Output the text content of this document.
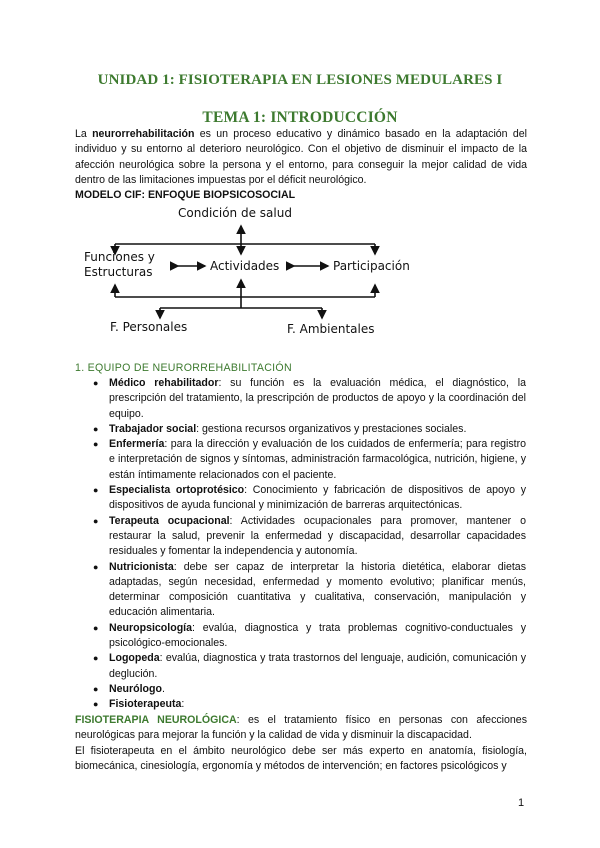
UNIDAD 1: FISIOTERAPIA EN LESIONES MEDULARES I
TEMA 1: INTRODUCCIÓN
La neurorrehabilitación es un proceso educativo y dinámico basado en la adaptación del individuo y su entorno al deterioro neurológico. Con el objetivo de disminuir el impacto de la afección neurológica sobre la persona y el entorno, para conseguir la mejor calidad de vida dentro de las limitaciones impuestas por el déficit neurológico.
MODELO CIF: ENFOQUE BIOPSICOSOCIAL
Condición de salud
Funciones y
Estructuras	Actividades	Participación
F. Personales	F. Ambientales
1. EQUIPO DE NEURORREHABILITACIÓN
● Médico rehabilitador: su función es la evaluación médica, el diagnóstico, la prescripción del tratamiento, la prescripción de productos de apoyo y la coordinación del equipo.
● Trabajador social: gestiona recursos organizativos y prestaciones sociales.
● Enfermería: para la dirección y evaluación de los cuidados de enfermería; para registro e interpretación de signos y síntomas, administración farmacológica, nutrición, higiene, y están íntimamente relacionados con el paciente.
● Especialista ortoprotésico: Conocimiento y fabricación de dispositivos de apoyo y dispositivos de ayuda funcional y minimización de barreras arquitectónicas.
● Terapeuta ocupacional: Actividades ocupacionales para promover, mantener o restaurar la salud, prevenir la enfermedad y discapacidad, desarrollar capacidades residuales y fomentar la independencia y autonomía.
● Nutricionista: debe ser capaz de interpretar la historia dietética, elaborar dietas adaptadas, según necesidad, enfermedad y momento evolutivo; planificar menús, determinar composición cuantitativa y cualitativa, conservación, manipulación y educación alimentaria.
● Neuropsicología: evalúa, diagnostica y trata problemas cognitivo-conductuales y psicológico-emocionales.
● Logopeda: evalúa, diagnostica y trata trastornos del lenguaje, audición, comunicación y deglución.
● Neurólogo.
● Fisioterapeuta:
FISIOTERAPIA NEUROLÓGICA: es el tratamiento físico en personas con afecciones neurológicas para mejorar la función y la calidad de vida y disminuir la discapacidad.
El fisioterapeuta en el ámbito neurológico debe ser más experto en anatomía, fisiología, biomecánica, cinesiología, ergonomía y métodos de intervención; en factores psicológicos y
1
